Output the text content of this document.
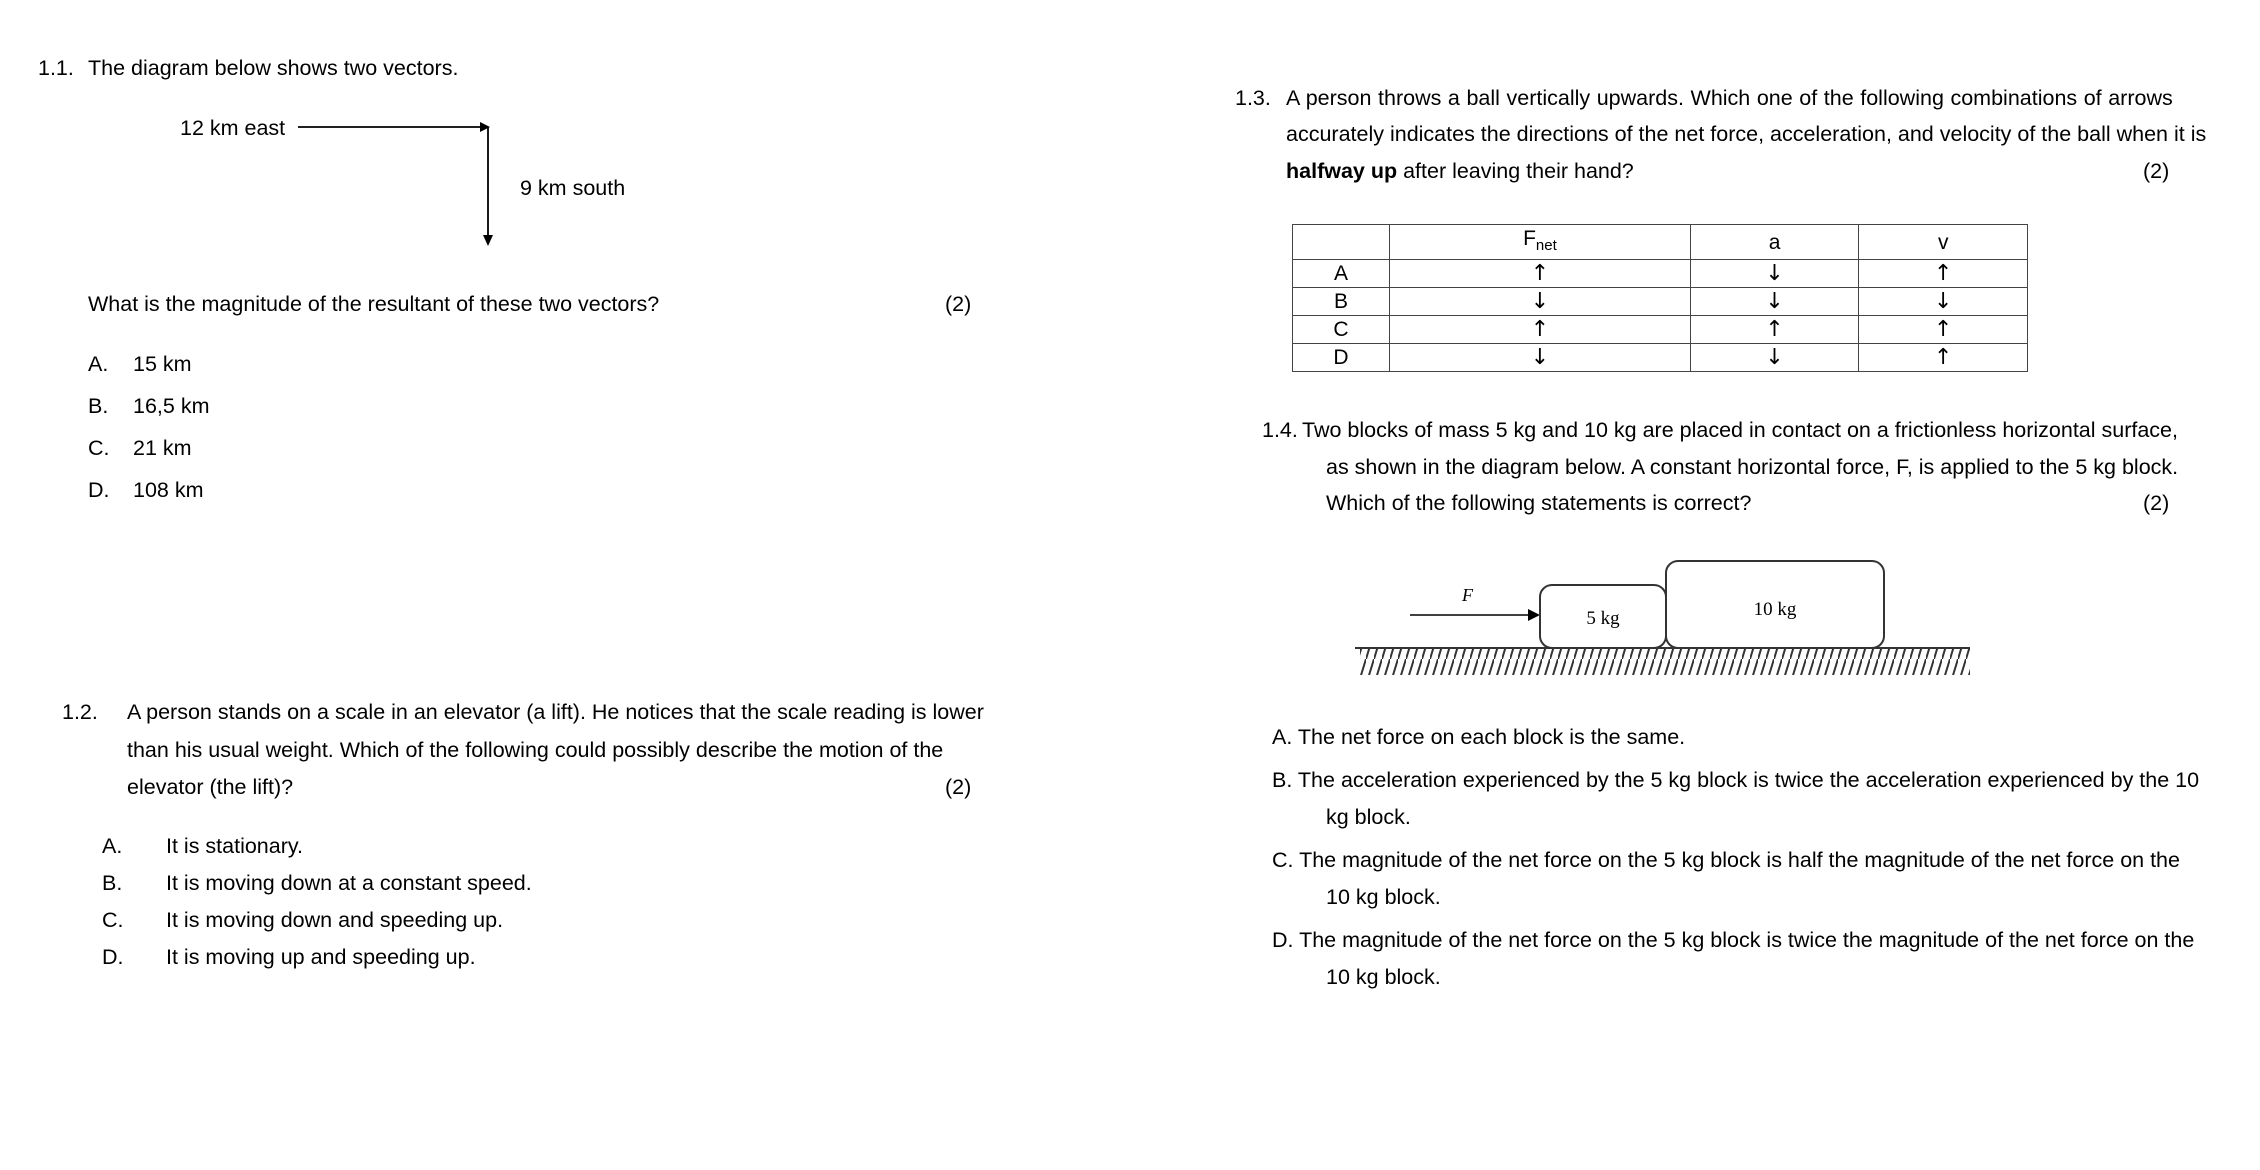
1.1. The diagram below shows two vectors.
12 km east
9 km south
What is the magnitude of the resultant of these two vectors?	(2)
A. 15 km
B. 16,5 km
C. 21 km
D. 108 km
1.2. A person stands on a scale in an elevator (a lift). He notices that the scale reading is lower
than his usual weight. Which of the following could possibly describe the motion of the
elevator (the lift)?	(2)
A. It is stationary.
B. It is moving down at a constant speed.
C. It is moving down and speeding up.
D. It is moving up and speeding up.
1.3. A person throws a ball vertically upwards. Which one of the following combinations of arrows
accurately indicates the directions of the net force, acceleration, and velocity of the ball when it is
halfway up after leaving their hand?	(2)
	$F_{net}$	a	v
A	↑	↓	↑
B	↓	↓	↓
C	↑	↑	↑
D	↓	↓	↑
1.4. Two blocks of mass 5 kg and 10 kg are placed in contact on a frictionless horizontal surface,
as shown in the diagram below. A constant horizontal force, F, is applied to the 5 kg block.
Which of the following statements is correct?	(2)
F
5 kg	10 kg
A. The net force on each block is the same.
B. The acceleration experienced by the 5 kg block is twice the acceleration experienced by the 10
kg block.
C. The magnitude of the net force on the 5 kg block is half the magnitude of the net force on the
10 kg block.
D. The magnitude of the net force on the 5 kg block is twice the magnitude of the net force on the
10 kg block.
